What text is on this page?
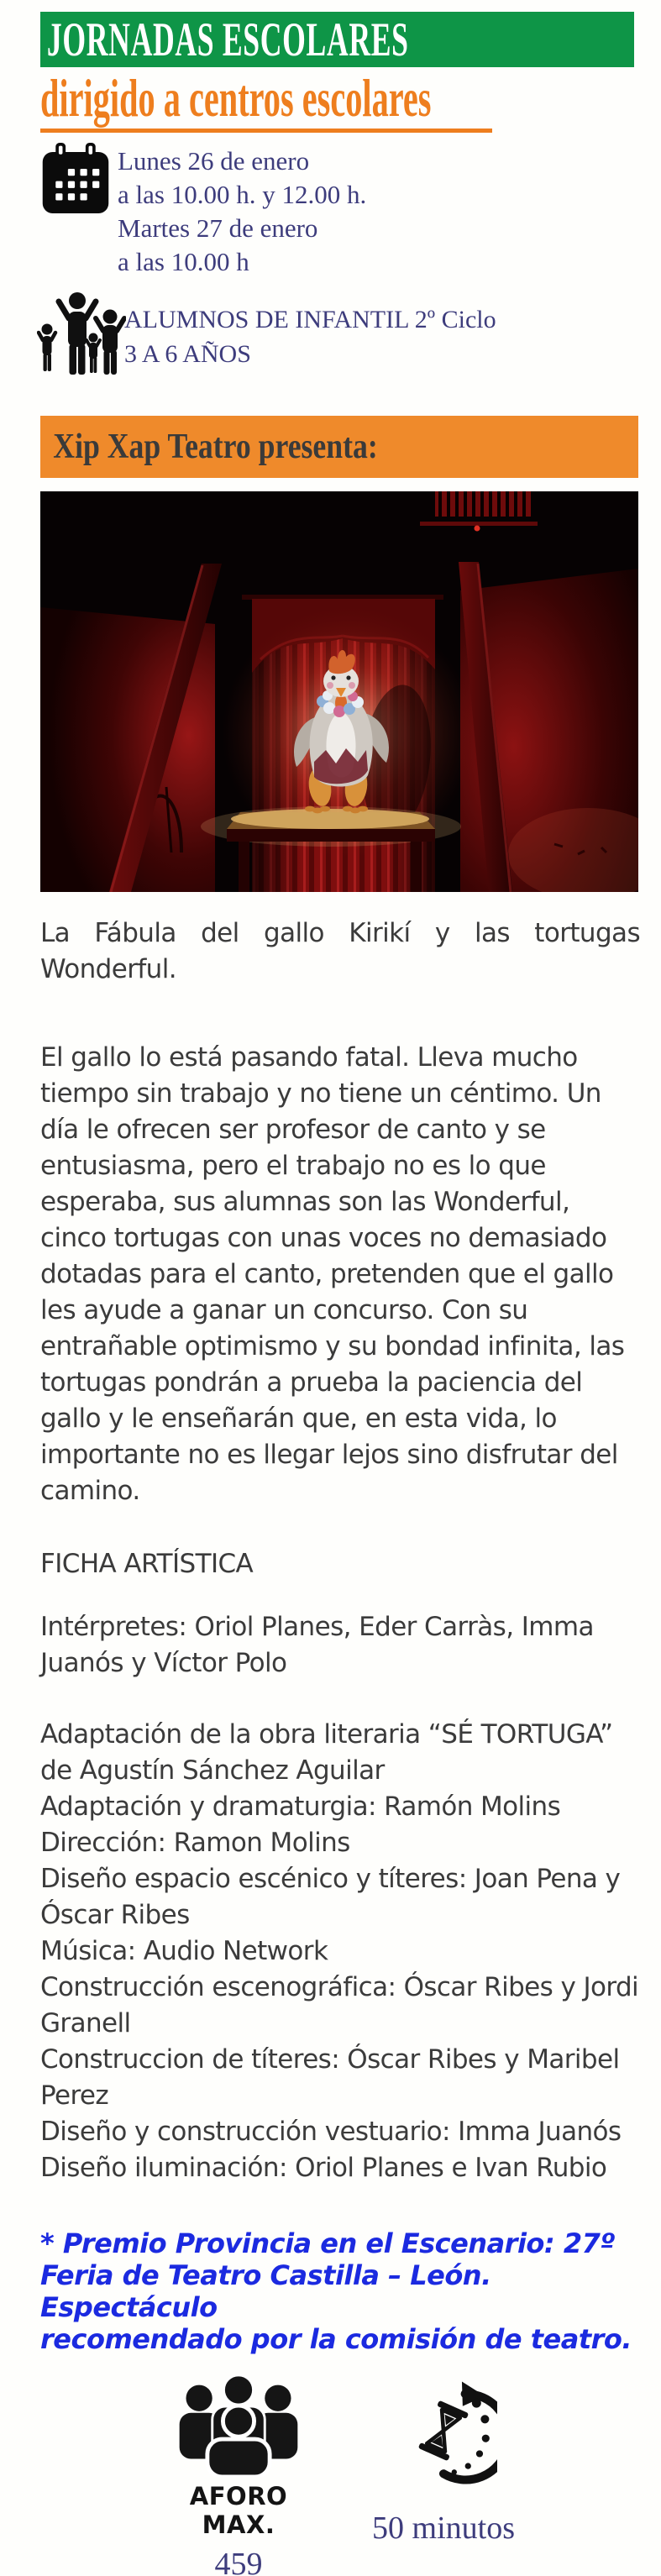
JORNADAS ESCOLARES
dirigido a centros escolares
Lunes 26 de enero
a las 10.00 h. y 12.00 h.
Martes 27 de enero
a las 10.00 h
ALUMNOS DE INFANTIL 2º Ciclo
3 A 6 AÑOS
Xip Xap Teatro presenta:
La Fábula del gallo Kirikí y las tortugas Wonderful.
El gallo lo está pasando fatal. Lleva mucho tiempo sin trabajo y no tiene un céntimo. Un día le ofrecen ser profesor de canto y se entusiasma, pero el trabajo no es lo que esperaba, sus alumnas son las Wonderful, cinco tortugas con unas voces no demasiado dotadas para el canto, pretenden que el gallo les ayude a ganar un concurso. Con su entrañable optimismo y su bondad infinita, las tortugas pondrán a prueba la paciencia del gallo y le enseñarán que, en esta vida, lo importante no es llegar lejos sino disfrutar del camino.
FICHA ARTÍSTICA
Intérpretes: Oriol Planes, Eder Carràs, Imma Juanós y Víctor Polo
Adaptación de la obra literaria “SÉ TORTUGA” de Agustín Sánchez Aguilar
Adaptación y dramaturgia: Ramón Molins
Dirección: Ramon Molins
Diseño espacio escénico y títeres: Joan Pena y Óscar Ribes
Música: Audio Network
Construcción escenográfica: Óscar Ribes y Jordi Granell
Construccion de títeres: Óscar Ribes y Maribel Perez
Diseño y construcción vestuario: Imma Juanós
Diseño iluminación: Oriol Planes e Ivan Rubio
* Premio Provincia en el Escenario: 27º
Feria de Teatro Castilla – León. Espectáculo
recomendado por la comisión de teatro.
AFORO MAX.
459
50 minutos
